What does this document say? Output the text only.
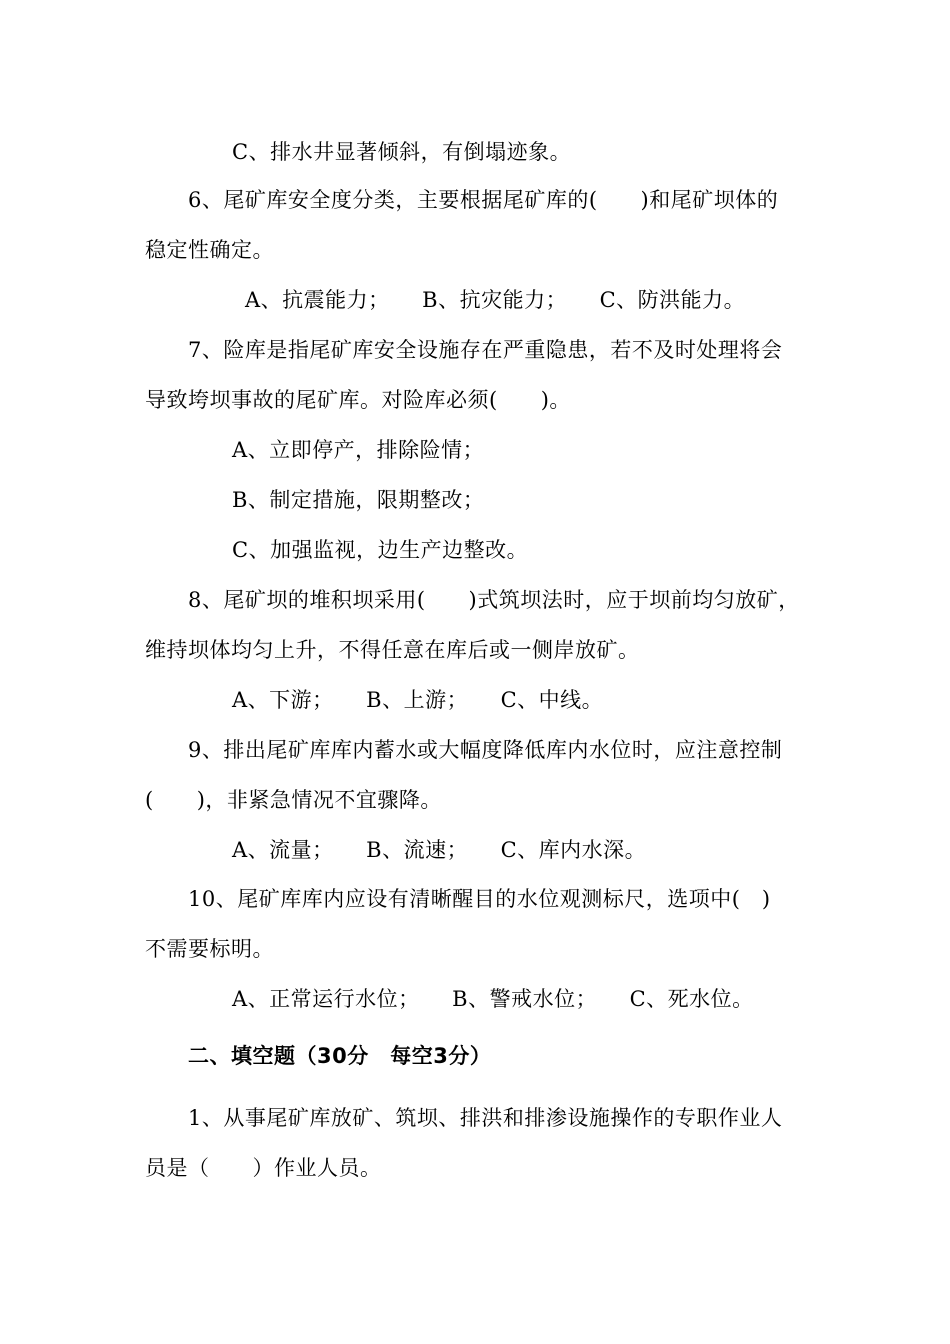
C、排水井显著倾斜，有倒塌迹象。
6、尾矿库安全度分类，主要根据尾矿库的(　　)和尾矿坝体的
稳定性确定。
A、抗震能力；　　B、抗灾能力；　　C、防洪能力。
7、险库是指尾矿库安全设施存在严重隐患，若不及时处理将会
导致垮坝事故的尾矿库。对险库必须(　　)。
A、立即停产，排除险情；
B、制定措施，限期整改；
C、加强监视，边生产边整改。
8、尾矿坝的堆积坝采用(　　)式筑坝法时，应于坝前均匀放矿，
维持坝体均匀上升，不得任意在库后或一侧岸放矿。
A、下游；　　B、上游；　　C、中线。
9、排出尾矿库库内蓄水或大幅度降低库内水位时，应注意控制
(　　)，非紧急情况不宜骤降。
A、流量；　　B、流速；　　C、库内水深。
10、尾矿库库内应设有清晰醒目的水位观测标尺，选项中(　)
不需要标明。
A、正常运行水位；　　B、警戒水位；　　C、死水位。
二、填空题（30分　每空3分）
1、从事尾矿库放矿、筑坝、排洪和排渗设施操作的专职作业人
员是（　　）作业人员。
